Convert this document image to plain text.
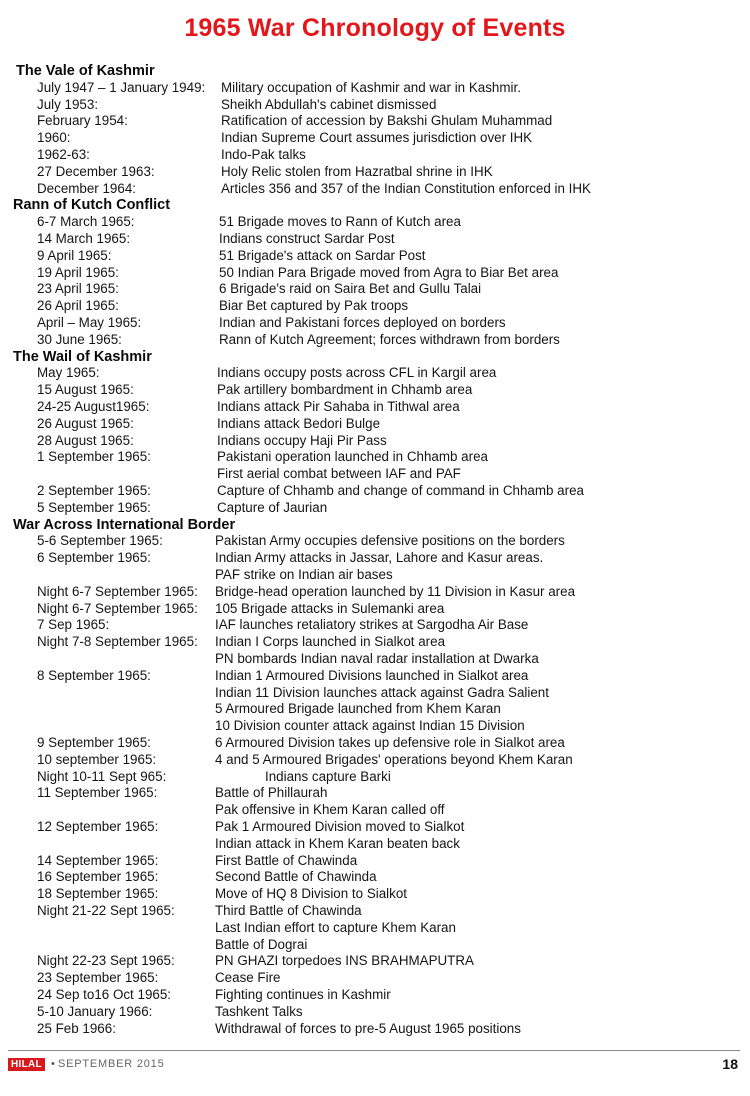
1965 War Chronology of Events
The Vale of Kashmir
July 1947 – 1 January 1949: Military occupation of Kashmir and war in Kashmir.
July 1953:	Sheikh Abdullah's cabinet dismissed
February 1954:	Ratification of accession by Bakshi Ghulam Muhammad
1960:	Indian Supreme Court assumes jurisdiction over IHK
1962-63:	Indo-Pak talks
27 December 1963:	Holy Relic stolen from Hazratbal shrine in IHK
December 1964:	Articles 356 and 357 of the Indian Constitution enforced in IHK
Rann of Kutch Conflict
6-7 March 1965:	51 Brigade moves to Rann of Kutch area
14 March 1965:	Indians construct Sardar Post
9 April 1965:	51 Brigade's attack on Sardar Post
19 April 1965:	50 Indian Para Brigade moved from Agra to Biar Bet area
23 April 1965:	6 Brigade's raid on Saira Bet and Gullu Talai
26 April 1965:	Biar Bet captured by Pak troops
April – May 1965:	Indian and Pakistani forces deployed on borders
30 June 1965:	Rann of Kutch Agreement; forces withdrawn from borders
The Wail of Kashmir
May 1965:	Indians occupy posts across CFL in Kargil area
15 August 1965:	Pak artillery bombardment in Chhamb area
24-25 August1965:	Indians attack Pir Sahaba in Tithwal area
26 August 1965:	Indians attack Bedori Bulge
28 August 1965:	Indians occupy Haji Pir Pass
1 September 1965:	Pakistani operation launched in Chhamb area
First aerial combat between IAF and PAF
2 September 1965:	Capture of Chhamb and change of command in Chhamb area
5 September 1965:	Capture of Jaurian
War Across International Border
5-6 September 1965:	Pakistan Army occupies defensive positions on the borders
6 September 1965:	Indian Army attacks in Jassar, Lahore and Kasur areas.
PAF strike on Indian air bases
Night 6-7 September 1965: Bridge-head operation launched by 11 Division in Kasur area
Night 6-7 September 1965: 105 Brigade attacks in Sulemanki area
7 Sep 1965:	IAF launches retaliatory strikes at Sargodha Air Base
Night 7-8 September 1965: Indian I Corps launched in Sialkot area
PN bombards Indian naval radar installation at Dwarka
8 September 1965:	Indian 1 Armoured Divisions launched in Sialkot area
Indian 11 Division launches attack against Gadra Salient
5 Armoured Brigade launched from Khem Karan
10 Division counter attack against Indian 15 Division
9 September 1965:	6 Armoured Division takes up defensive role in Sialkot area
10 september 1965:	4 and 5 Armoured Brigades' operations beyond Khem Karan
Night 10-11 Sept 965:	Indians capture Barki
11 September 1965:	Battle of Phillaurah
Pak offensive in Khem Karan called off
12 September 1965:	Pak 1 Armoured Division moved to Sialkot
Indian attack in Khem Karan beaten back
14 September 1965:	First Battle of Chawinda
16 September 1965:	Second Battle of Chawinda
18 September 1965:	Move of HQ 8 Division to Sialkot
Night 21-22 Sept 1965:	Third Battle of Chawinda
Last Indian effort to capture Khem Karan
Battle of Dograi
Night 22-23 Sept 1965:	PN GHAZI torpedoes INS BRAHMAPUTRA
23 September 1965:	Cease Fire
24 Sep to16 Oct 1965:	Fighting continues in Kashmir
5-10 January 1966:	Tashkent Talks
25 Feb 1966:	Withdrawal of forces to pre-5 August 1965 positions
HILAL • SEPTEMBER 2015	18
